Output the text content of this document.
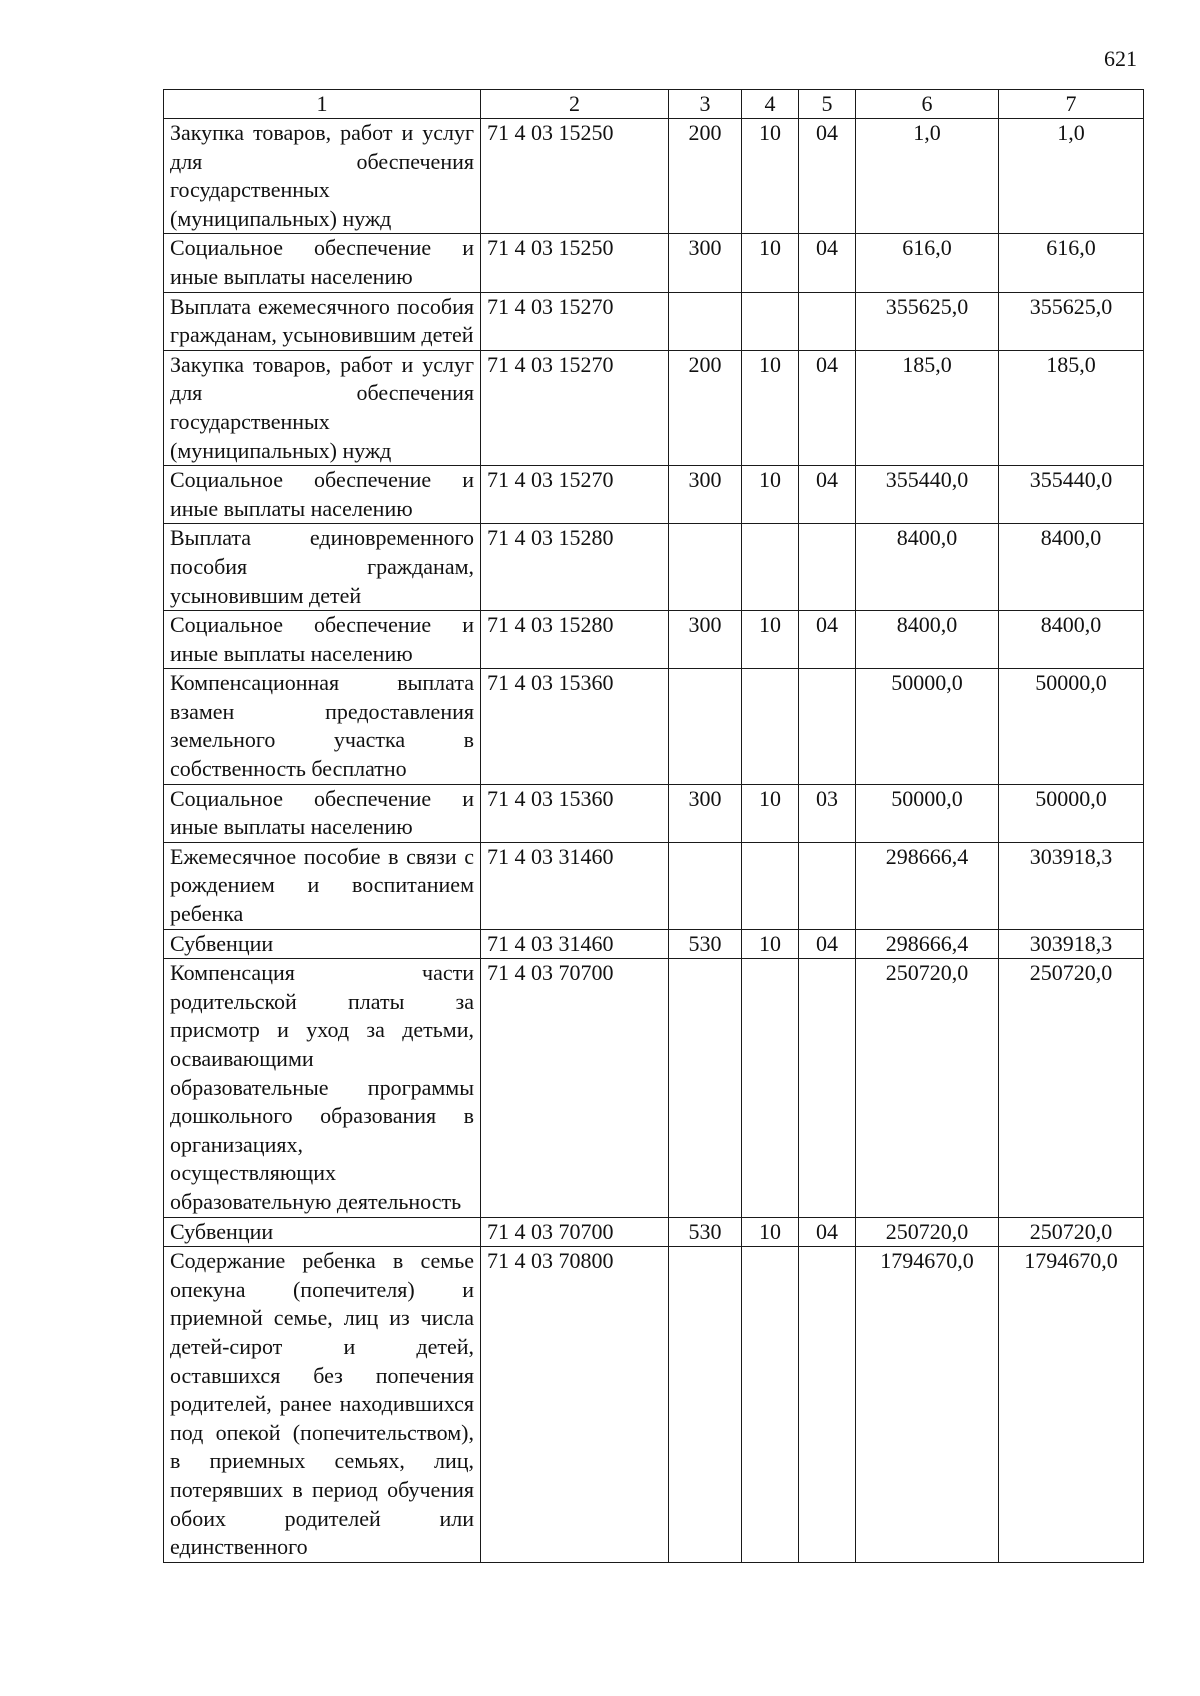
621
1	2	3	4	5	6	7
Закупка товаров, работ и услуг для обеспечения государственных (муниципальных) нужд	71 4 03 15250	200	10	04	1,0	1,0
Социальное обеспечение и иные выплаты населению	71 4 03 15250	300	10	04	616,0	616,0
Выплата ежемесячного пособия гражданам, усыновившим детей	71 4 03 15270				355625,0	355625,0
Закупка товаров, работ и услуг для обеспечения государственных (муниципальных) нужд	71 4 03 15270	200	10	04	185,0	185,0
Социальное обеспечение и иные выплаты населению	71 4 03 15270	300	10	04	355440,0	355440,0
Выплата единовременного пособия гражданам, усыновившим детей	71 4 03 15280				8400,0	8400,0
Социальное обеспечение и иные выплаты населению	71 4 03 15280	300	10	04	8400,0	8400,0
Компенсационная выплата взамен предоставления земельного участка в собственность бесплатно	71 4 03 15360				50000,0	50000,0
Социальное обеспечение и иные выплаты населению	71 4 03 15360	300	10	03	50000,0	50000,0
Ежемесячное пособие в связи с рождением и воспитанием ребенка	71 4 03 31460				298666,4	303918,3
Субвенции	71 4 03 31460	530	10	04	298666,4	303918,3
Компенсация части родительской платы за присмотр и уход за детьми, осваивающими образовательные программы дошкольного образования в организациях, осуществляющих образовательную деятельность	71 4 03 70700				250720,0	250720,0
Субвенции	71 4 03 70700	530	10	04	250720,0	250720,0
Содержание ребенка в семье опекуна (попечителя) и приемной семье, лиц из числа детей-сирот и детей, оставшихся без попечения родителей, ранее находившихся под опекой (попечительством), в приемных семьях, лиц, потерявших в период обучения обоих родителей или единственного	71 4 03 70800				1794670,0	1794670,0
